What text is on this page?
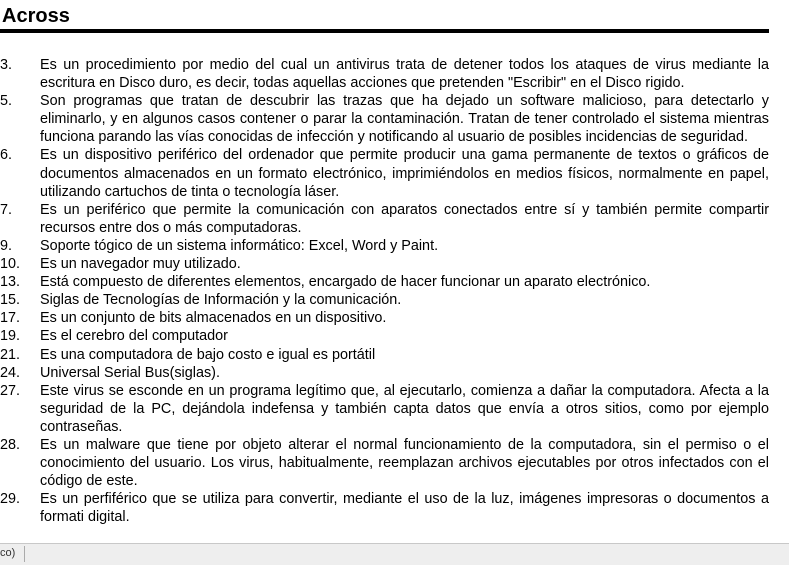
Across
3. Es un procedimiento por medio del cual un antivirus trata de detener todos los ataques de virus mediante la escritura en Disco duro, es decir, todas aquellas acciones que pretenden "Escribir" en el Disco rigido.
5. Son programas que tratan de descubrir las trazas que ha dejado un software malicioso, para detectarlo y eliminarlo, y en algunos casos contener o parar la contaminación. Tratan de tener controlado el sistema mientras funciona parando las vías conocidas de infección y notificando al usuario de posibles incidencias de seguridad.
6. Es un dispositivo periférico del ordenador que permite producir una gama permanente de textos o gráficos de documentos almacenados en un formato electrónico, imprimiéndolos en medios físicos, normalmente en papel, utilizando cartuchos de tinta o tecnología láser.
7. Es un periférico que permite la comunicación con aparatos conectados entre sí y también permite compartir recursos entre dos o más computadoras.
9. Soporte tógico de un sistema informático: Excel, Word y Paint.
10. Es un navegador muy utilizado.
13. Está compuesto de diferentes elementos, encargado de hacer funcionar un aparato electrónico.
15. Siglas de Tecnologías de Información y la comunicación.
17. Es un conjunto de bits almacenados en un dispositivo.
19. Es el cerebro del computador
21. Es una computadora de bajo costo e igual es portátil
24. Universal Serial Bus(siglas).
27. Este virus se esconde en un programa legítimo que, al ejecutarlo, comienza a dañar la computadora. Afecta a la seguridad de la PC, dejándola indefensa y también capta datos que envía a otros sitios, como por ejemplo contraseñas.
28. Es un malware que tiene por objeto alterar el normal funcionamiento de la computadora, sin el permiso o el conocimiento del usuario. Los virus, habitualmente, reemplazan archivos ejecutables por otros infectados con el código de este.
29. Es un perfiférico que se utiliza para convertir, mediante el uso de la luz, imágenes impresoras o documentos a formati digital.
co)
